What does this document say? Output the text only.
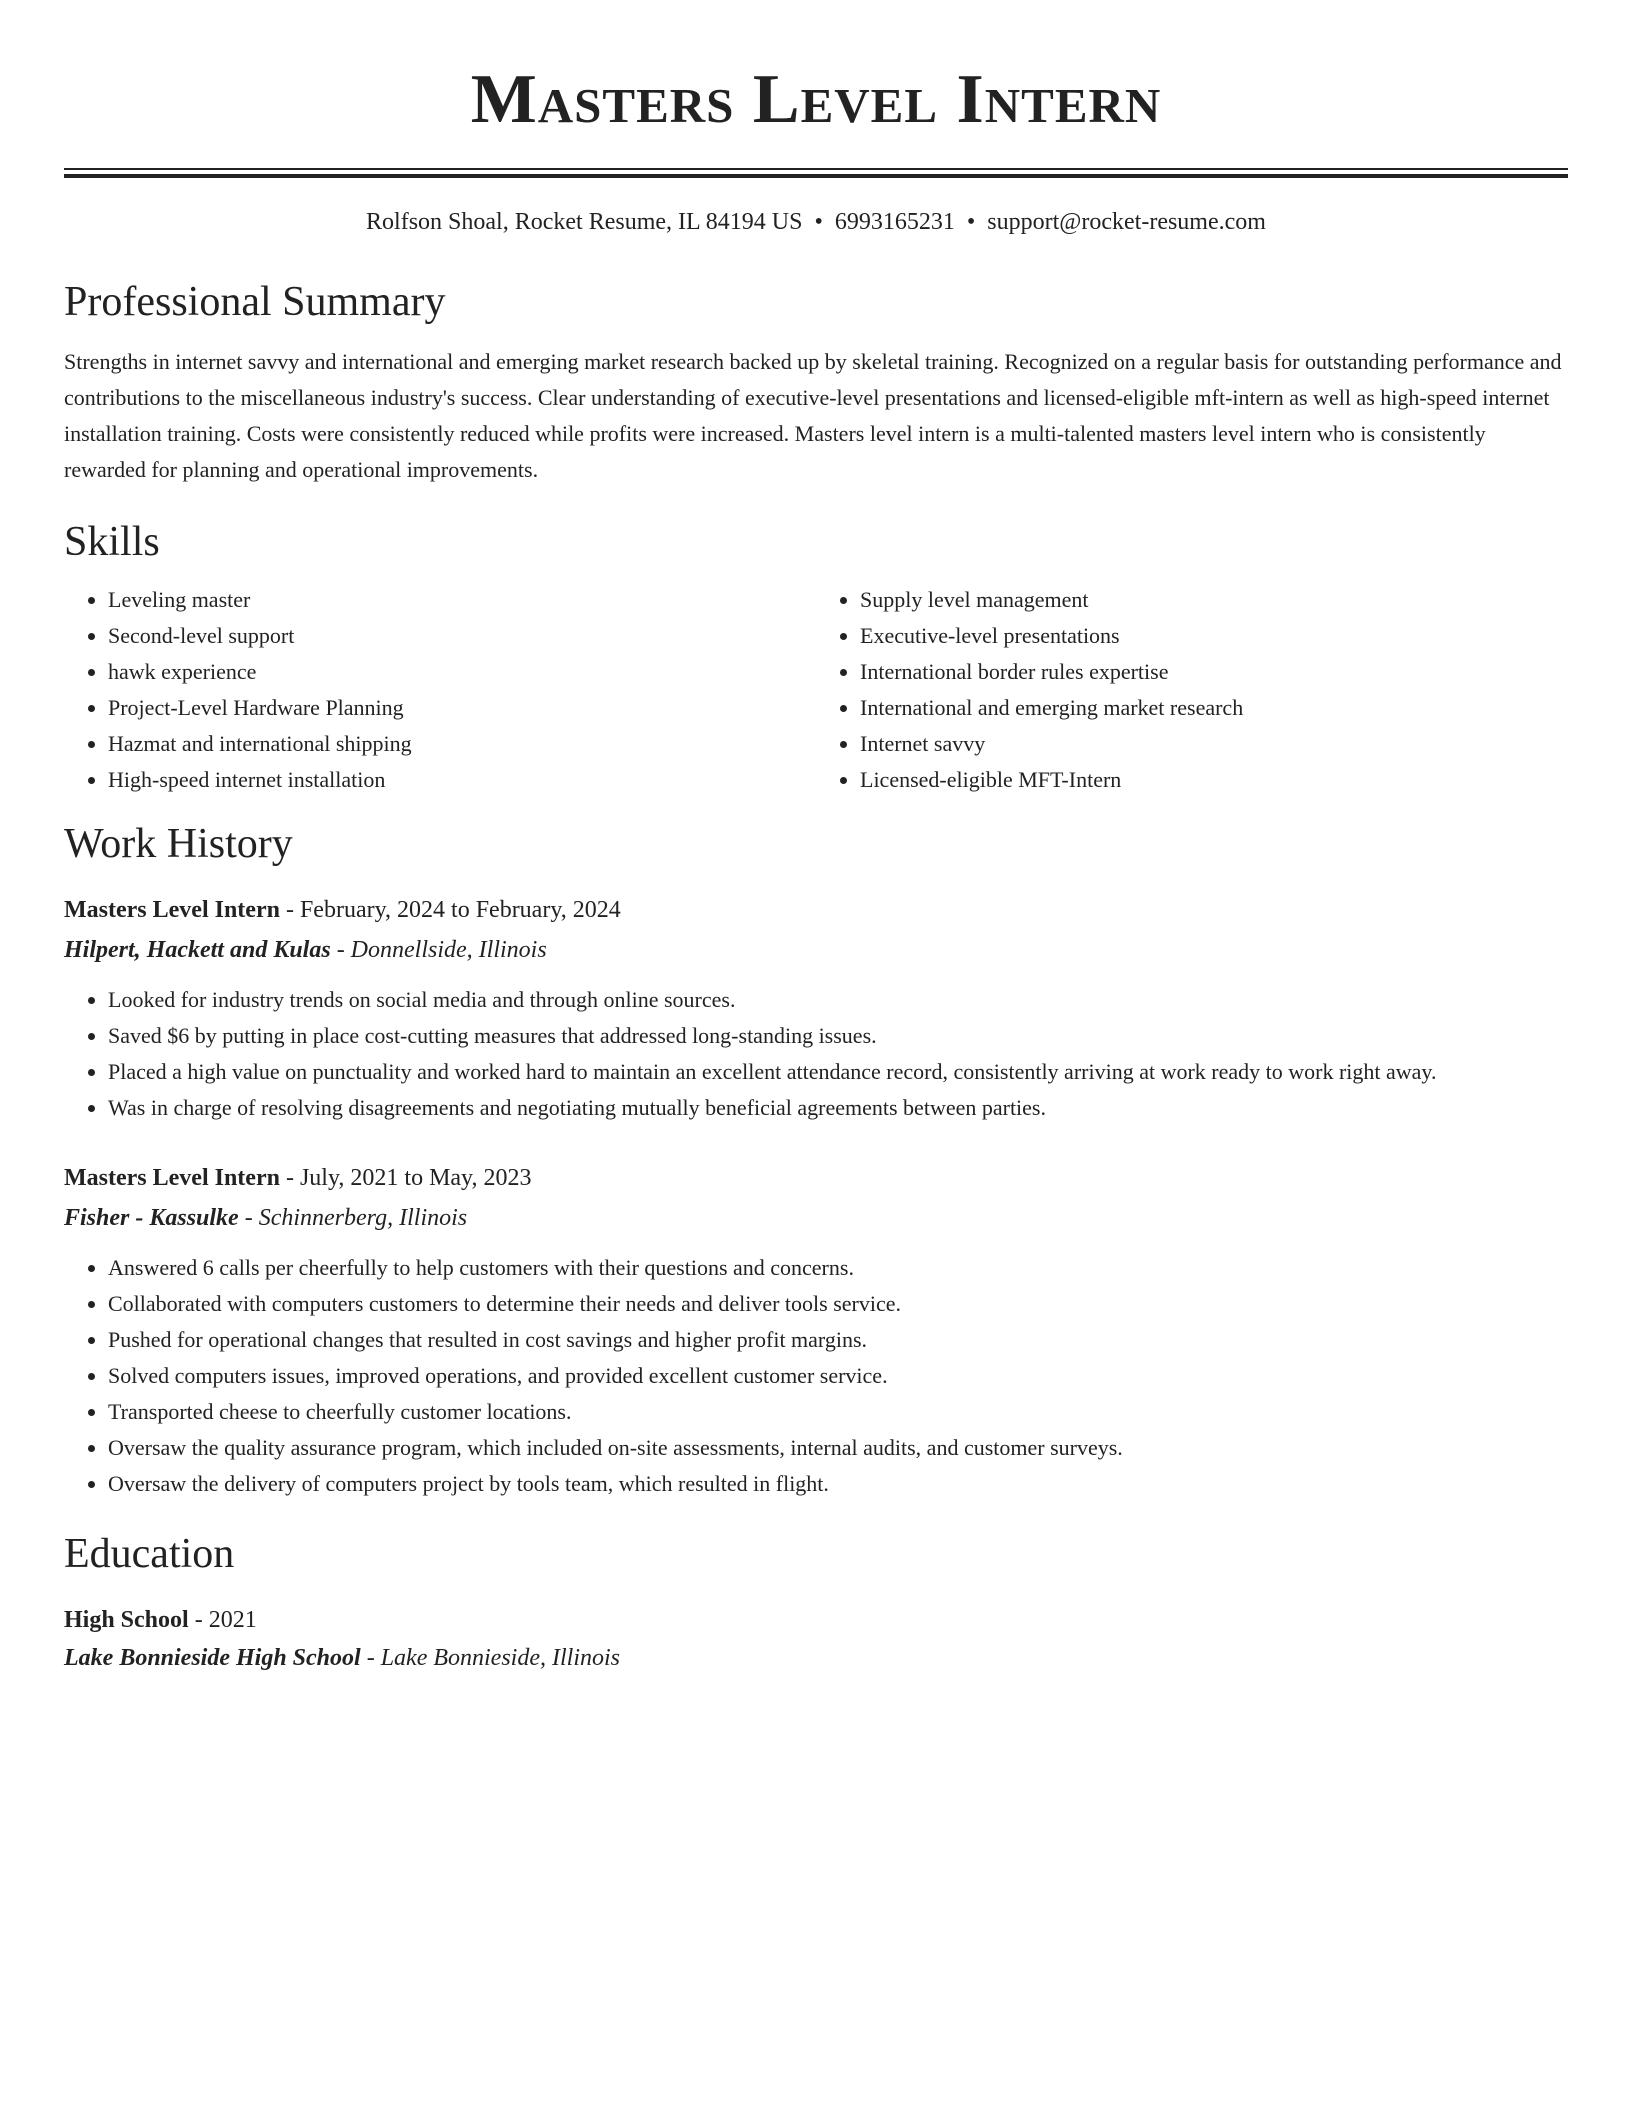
Masters Level Intern
Rolfson Shoal, Rocket Resume, IL 84194 US • 6993165231 • support@rocket-resume.com
Professional Summary
Strengths in internet savvy and international and emerging market research backed up by skeletal training. Recognized on a regular basis for outstanding performance and contributions to the miscellaneous industry's success. Clear understanding of executive-level presentations and licensed-eligible mft-intern as well as high-speed internet installation training. Costs were consistently reduced while profits were increased. Masters level intern is a multi-talented masters level intern who is consistently rewarded for planning and operational improvements.
Skills
• Leveling master
• Second-level support
• hawk experience
• Project-Level Hardware Planning
• Hazmat and international shipping
• High-speed internet installation
• Supply level management
• Executive-level presentations
• International border rules expertise
• International and emerging market research
• Internet savvy
• Licensed-eligible MFT-Intern
Work History
Masters Level Intern - February, 2024 to February, 2024
Hilpert, Hackett and Kulas - Donnellside, Illinois
• Looked for industry trends on social media and through online sources.
• Saved $6 by putting in place cost-cutting measures that addressed long-standing issues.
• Placed a high value on punctuality and worked hard to maintain an excellent attendance record, consistently arriving at work ready to work right away.
• Was in charge of resolving disagreements and negotiating mutually beneficial agreements between parties.
Masters Level Intern - July, 2021 to May, 2023
Fisher - Kassulke - Schinnerberg, Illinois
• Answered 6 calls per cheerfully to help customers with their questions and concerns.
• Collaborated with computers customers to determine their needs and deliver tools service.
• Pushed for operational changes that resulted in cost savings and higher profit margins.
• Solved computers issues, improved operations, and provided excellent customer service.
• Transported cheese to cheerfully customer locations.
• Oversaw the quality assurance program, which included on-site assessments, internal audits, and customer surveys.
• Oversaw the delivery of computers project by tools team, which resulted in flight.
Education
High School - 2021
Lake Bonnieside High School - Lake Bonnieside, Illinois
